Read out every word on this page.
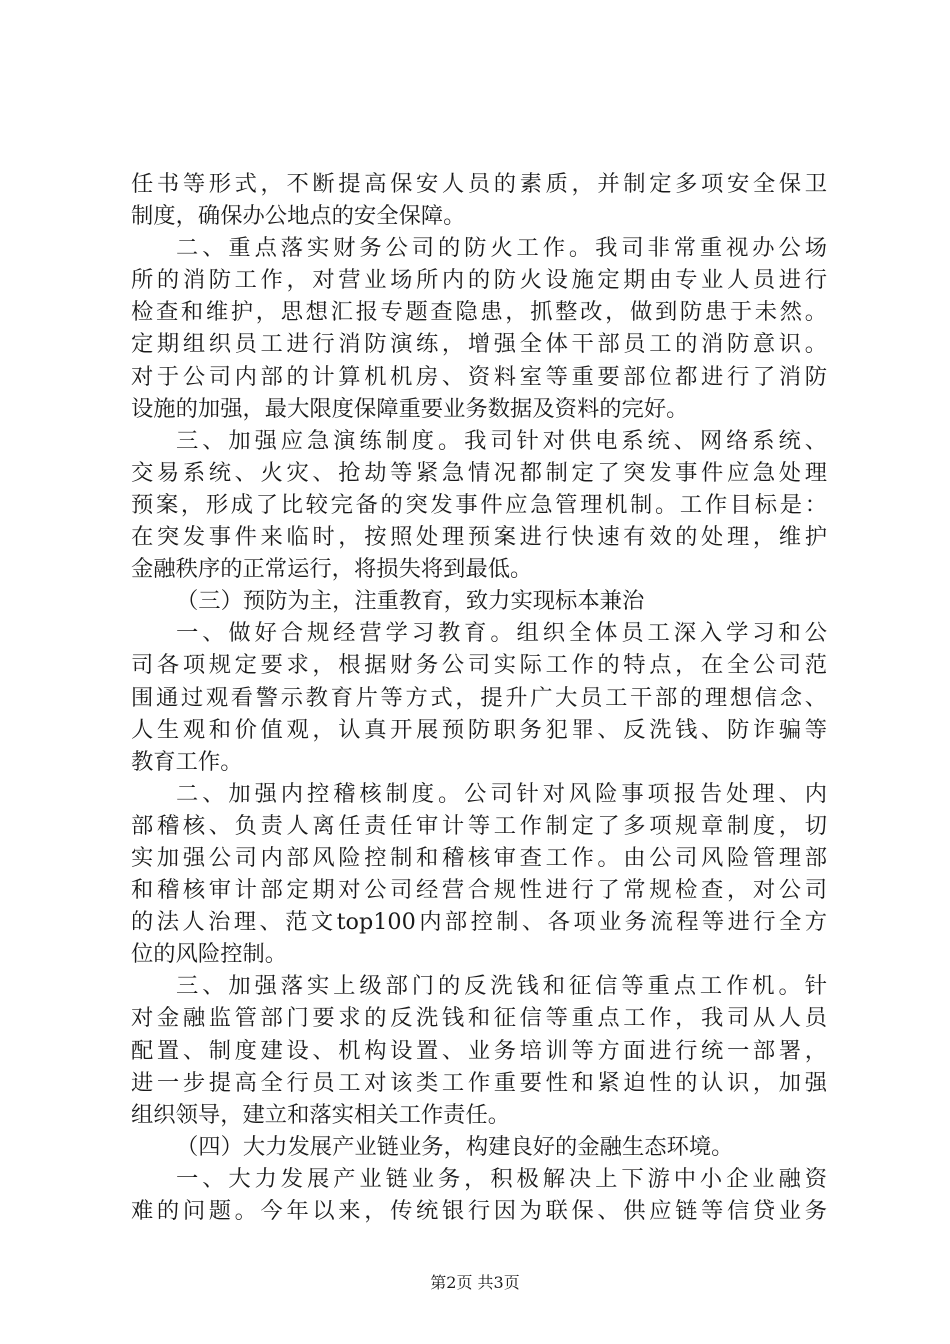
任书等形式，不断提高保安人员的素质，并制定多项安全保卫
制度，确保办公地点的安全保障。
二、重点落实财务公司的防火工作。我司非常重视办公场
所的消防工作，对营业场所内的防火设施定期由专业人员进行
检查和维护，思想汇报专题查隐患，抓整改，做到防患于未然。
定期组织员工进行消防演练，增强全体干部员工的消防意识。
对于公司内部的计算机机房、资料室等重要部位都进行了消防
设施的加强，最大限度保障重要业务数据及资料的完好。
三、加强应急演练制度。我司针对供电系统、网络系统、
交易系统、火灾、抢劫等紧急情况都制定了突发事件应急处理
预案，形成了比较完备的突发事件应急管理机制。工作目标是：
在突发事件来临时，按照处理预案进行快速有效的处理，维护
金融秩序的正常运行，将损失将到最低。
（三）预防为主，注重教育，致力实现标本兼治
一、做好合规经营学习教育。组织全体员工深入学习和公
司各项规定要求，根据财务公司实际工作的特点，在全公司范
围通过观看警示教育片等方式，提升广大员工干部的理想信念、
人生观和价值观，认真开展预防职务犯罪、反洗钱、防诈骗等
教育工作。
二、加强内控稽核制度。公司针对风险事项报告处理、内
部稽核、负责人离任责任审计等工作制定了多项规章制度，切
实加强公司内部风险控制和稽核审查工作。由公司风险管理部
和稽核审计部定期对公司经营合规性进行了常规检查，对公司
的法人治理、范文top100内部控制、各项业务流程等进行全方
位的风险控制。
三、加强落实上级部门的反洗钱和征信等重点工作机。针
对金融监管部门要求的反洗钱和征信等重点工作，我司从人员
配置、制度建设、机构设置、业务培训等方面进行统一部署，
进一步提高全行员工对该类工作重要性和紧迫性的认识，加强
组织领导，建立和落实相关工作责任。
（四）大力发展产业链业务，构建良好的金融生态环境。
一、大力发展产业链业务，积极解决上下游中小企业融资
难的问题。今年以来，传统银行因为联保、供应链等信贷业务
第2页 共3页
